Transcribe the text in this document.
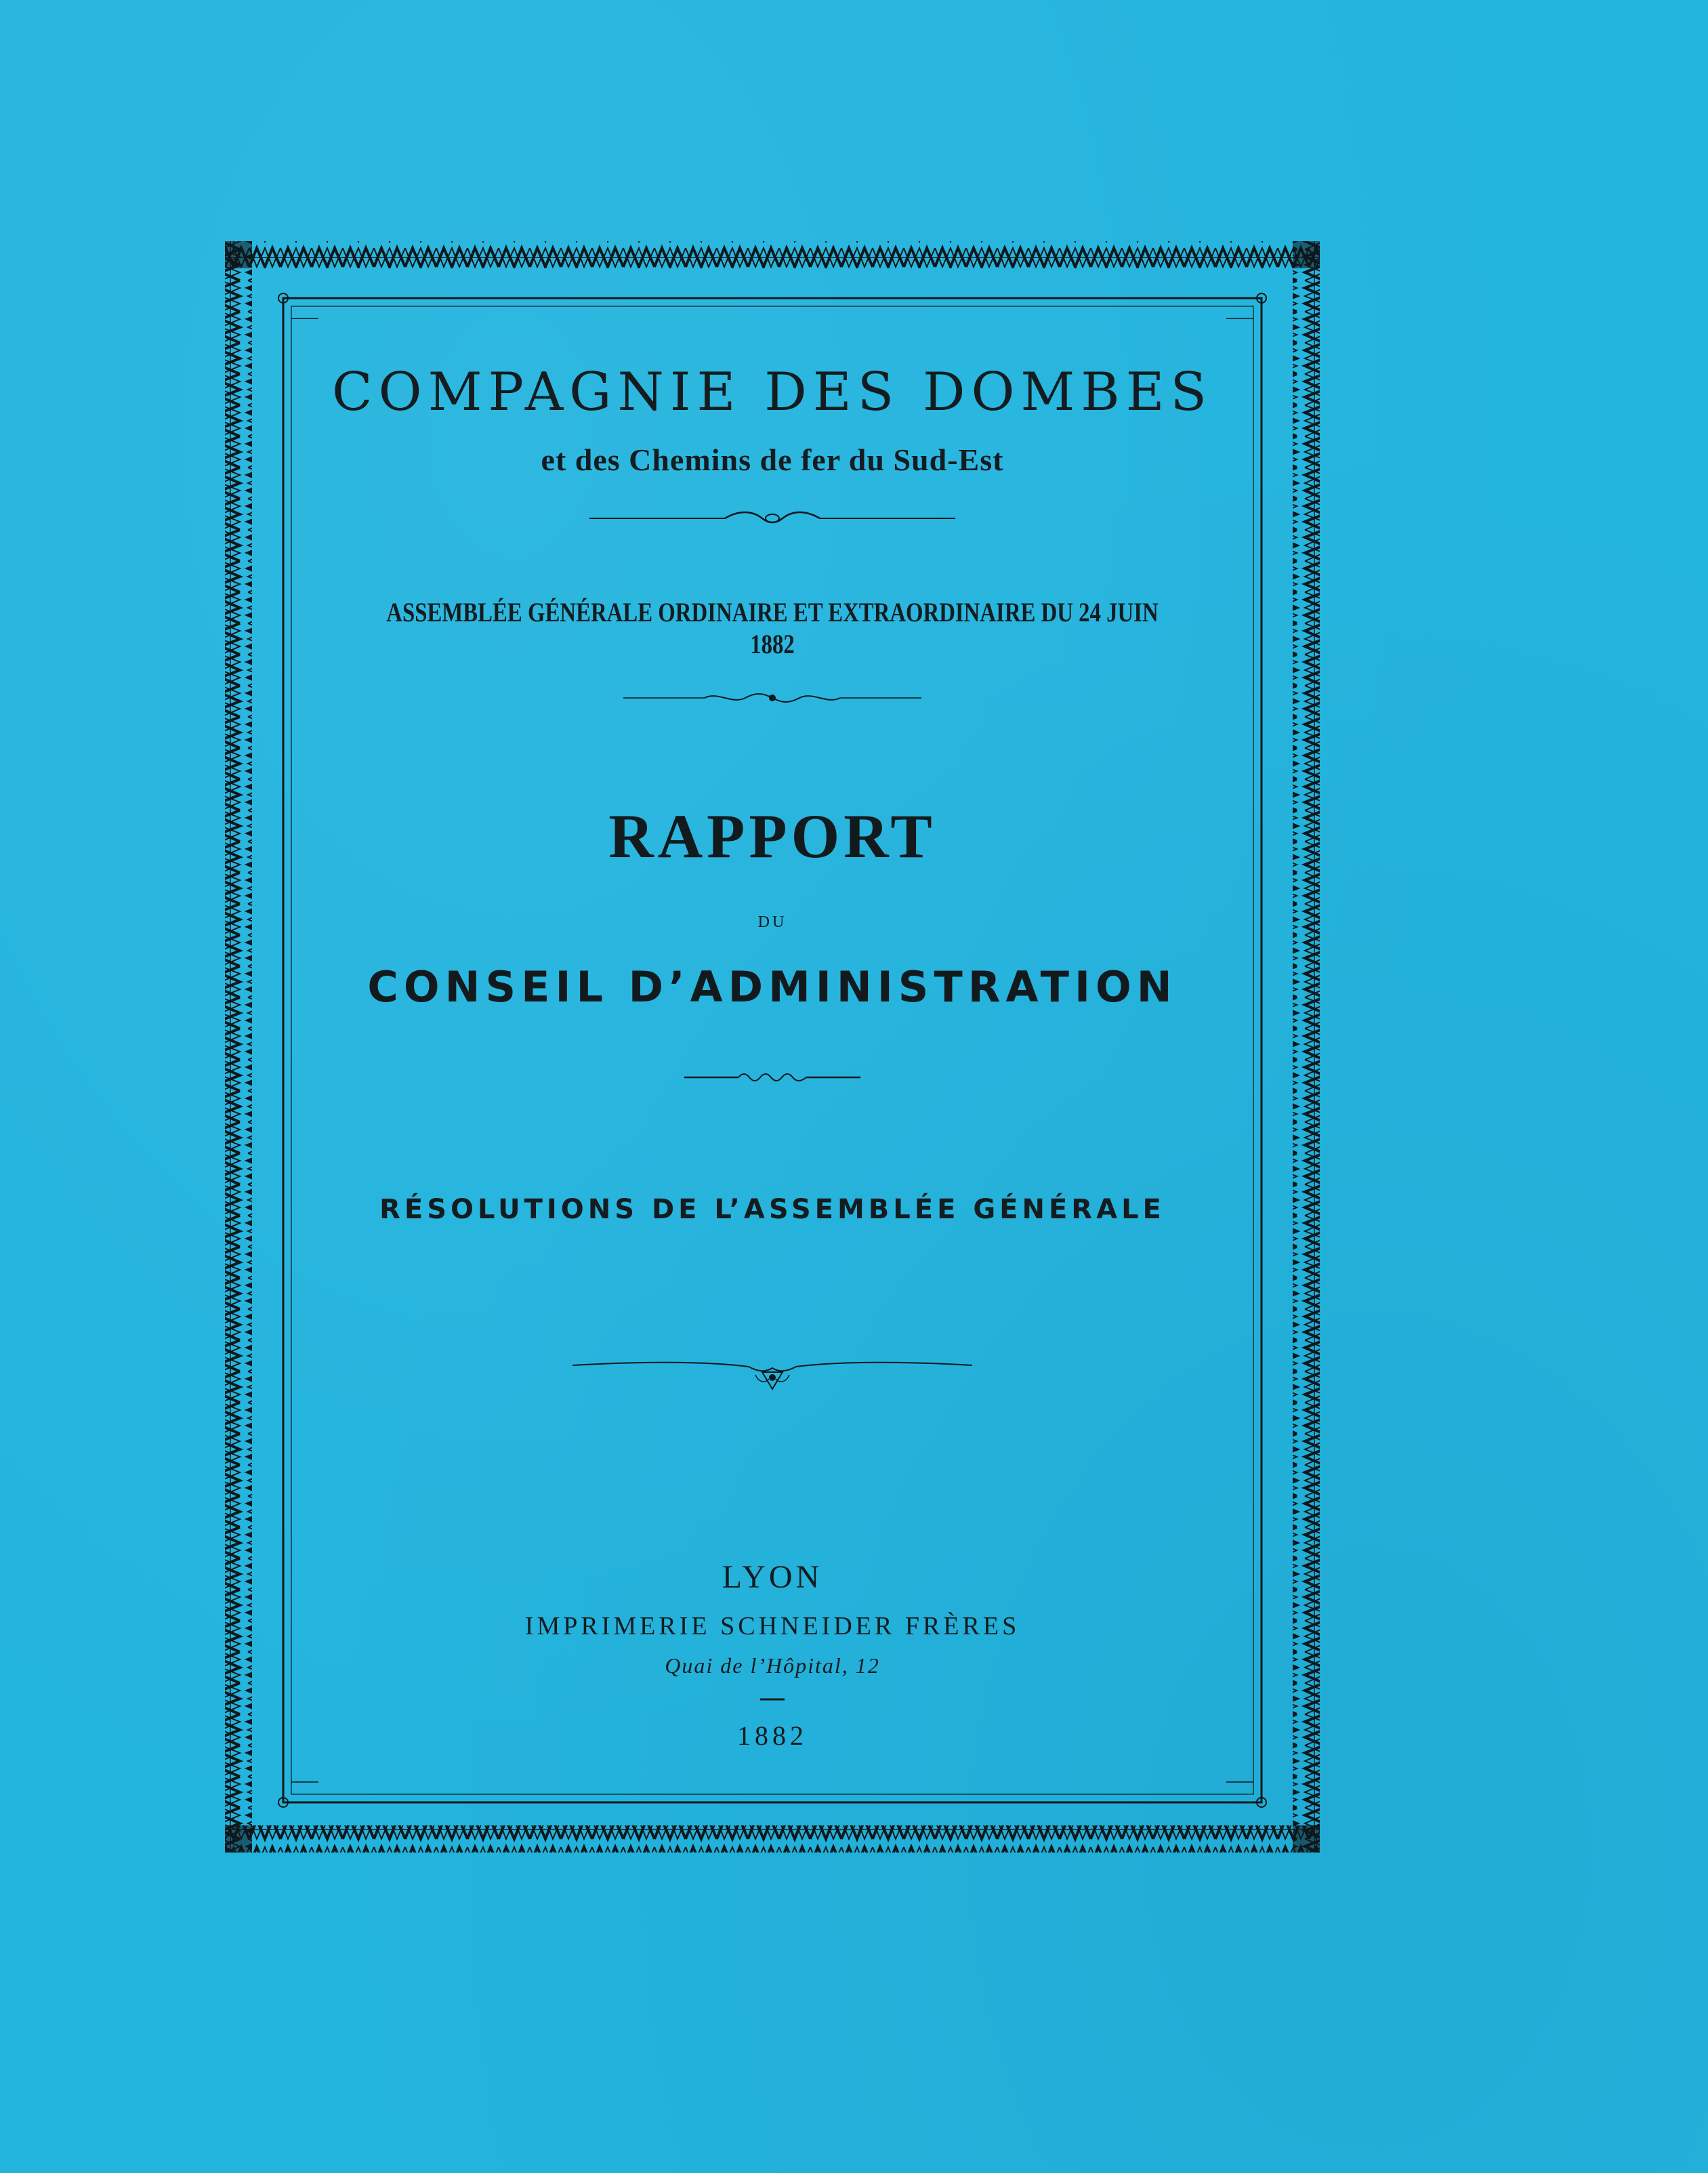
COMPAGNIE DES DOMBES
et des Chemins de fer du Sud-Est
ASSEMBLÉE GÉNÉRALE ORDINAIRE ET EXTRAORDINAIRE DU 24 JUIN 1882
RAPPORT
DU
CONSEIL D’ADMINISTRATION
RÉSOLUTIONS DE L’ASSEMBLÉE GÉNÉRALE
LYON
IMPRIMERIE SCHNEIDER FRÈRES
Quai de l’Hôpital, 12
1882
